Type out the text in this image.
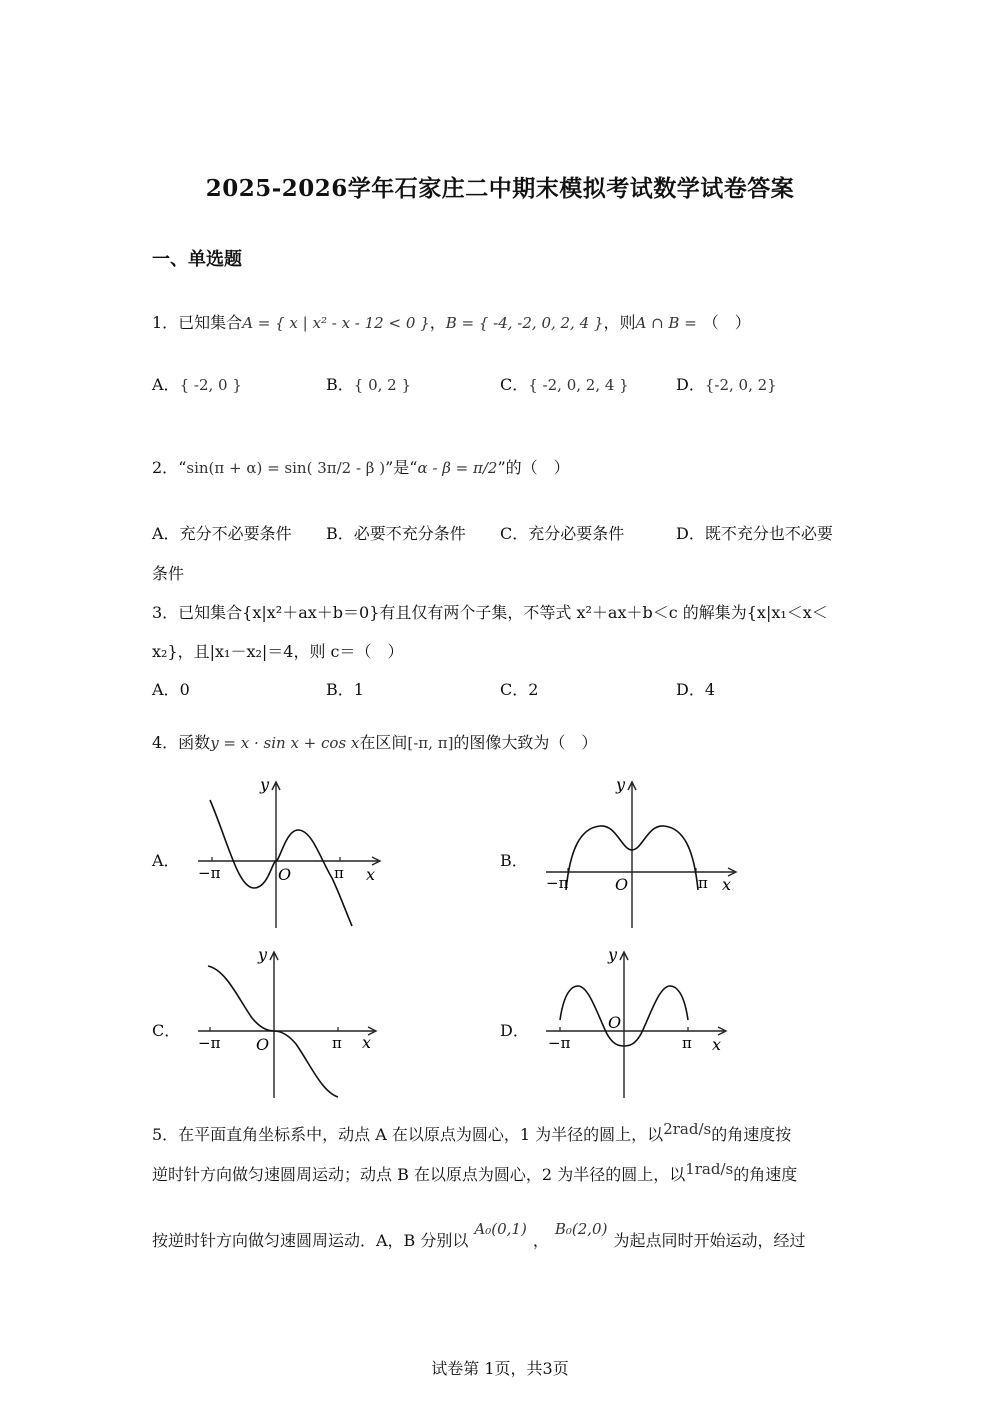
2025-2026学年石家庄二中期末模拟考试数学试卷答案
一、单选题
1．已知集合A = { x | x² - x - 12 < 0 }，B = { -4, -2, 0, 2, 4 }，则A ∩ B = （　）
A．{ -2, 0 }	B．{ 0, 2 }	C．{ -2, 0, 2, 4 }	D．{-2, 0, 2}
2．“sin(π + α) = sin( 3π/2 - β )”是“α - β = π/2”的（　）
A．充分不必要条件 B．必要不充分条件 C．充分必要条件	D．既不充分也不必要
条件
3．已知集合{x|x²＋ax＋b＝0}有且仅有两个子集，不等式 x²＋ax＋b＜c 的解集为{x|x₁＜x＜
x₂}，且|x₁－x₂|＝4，则 c＝（　）
A．0	B．1	C．2	D．4
4．函数y = x · sin x + cos x在区间[-π, π]的图像大致为（　）
A．	B．
C．	D．
−π	π
O	x
y
−π	π
O	x
y
−π	π
O	x
y
−π	π
O
x
y
5．在平面直角坐标系中，动点 A 在以原点为圆心，1 为半径的圆上，以2rad/s的角速度按
逆时针方向做匀速圆周运动；动点 B 在以原点为圆心，2 为半径的圆上，以1rad/s的角速度
按逆时针方向做匀速圆周运动．A，B 分别以A₀(0,1)，B₀(2,0)为起点同时开始运动，经过
试卷第 1页，共3页
